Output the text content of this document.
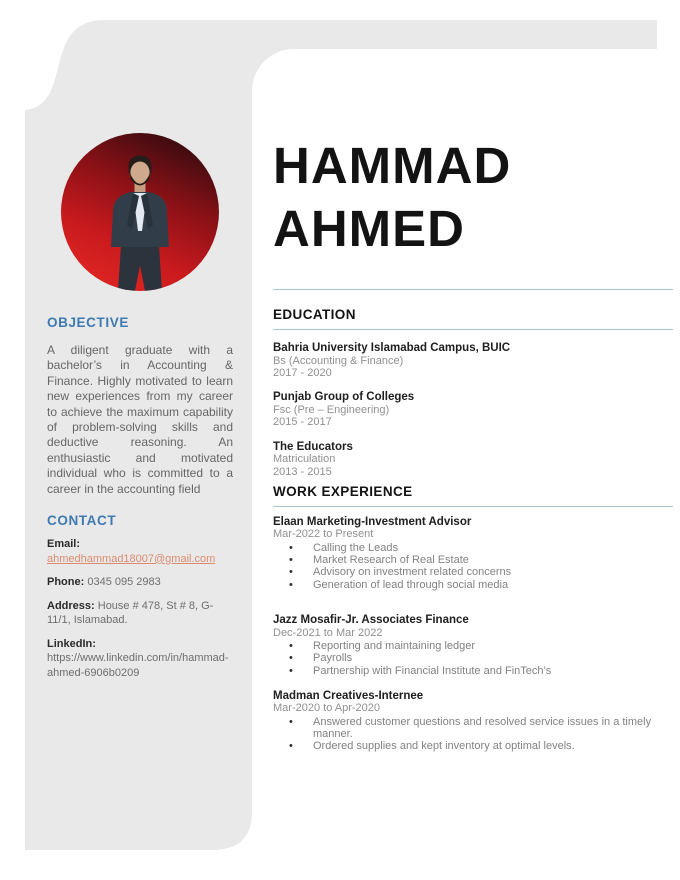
OBJECTIVE

A diligent graduate with a bachelor’s in Accounting & Finance. Highly motivated to learn new experiences from my career to achieve the maximum capability of problem-solving skills and deductive reasoning. An enthusiastic and motivated individual who is committed to a career in the accounting field

CONTACT
Email:
ahmedhammad18007@gmail.com
Phone: 0345 095 2983
Address: House # 478, St # 8, G-11/1, Islamabad.
LinkedIn:
https://www.linkedin.com/in/hammad-ahmed-6906b0209
HAMMAD
AHMED
EDUCATION
Bahria University Islamabad Campus, BUIC
Bs (Accounting & Finance)
2017 - 2020
Punjab Group of Colleges
Fsc (Pre – Engineering)
2015 - 2017
The Educators
Matriculation
2013 - 2015
WORK EXPERIENCE
Elaan Marketing-Investment Advisor
Mar-2022 to Present
• Calling the Leads
• Market Research of Real Estate
• Advisory on investment related concerns
• Generation of lead through social media
Jazz Mosafir-Jr. Associates Finance
Dec-2021 to Mar 2022
• Reporting and maintaining ledger
• Payrolls
• Partnership with Financial Institute and FinTech’s
Madman Creatives-Internee
Mar-2020 to Apr-2020
• Answered customer questions and resolved service issues in a timely manner.
• Ordered supplies and kept inventory at optimal levels.
